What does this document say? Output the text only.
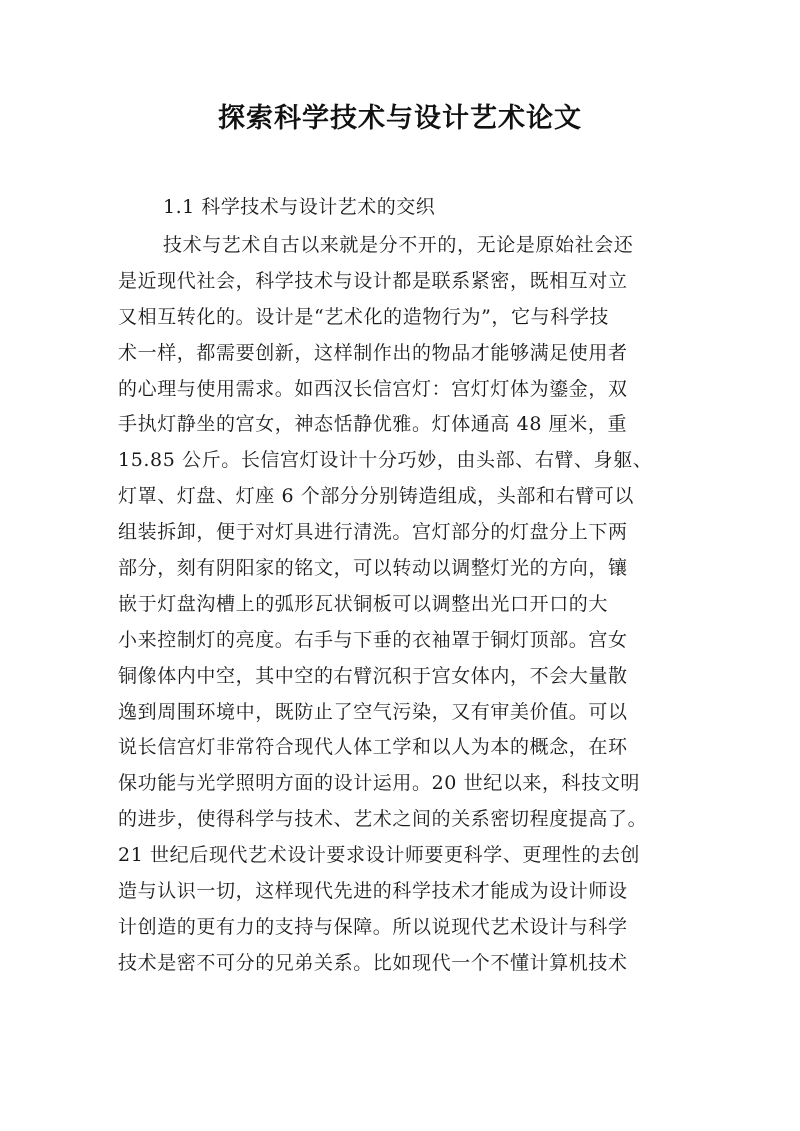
探索科学技术与设计艺术论文
1.1 科学技术与设计艺术的交织
技术与艺术自古以来就是分不开的，无论是原始社会还
是近现代社会，科学技术与设计都是联系紧密，既相互对立
又相互转化的。设计是“艺术化的造物行为”，它与科学技
术一样，都需要创新，这样制作出的物品才能够满足使用者
的心理与使用需求。如西汉长信宫灯：宫灯灯体为鎏金，双
手执灯静坐的宫女，神态恬静优雅。灯体通高 48 厘米，重
15.85 公斤。长信宫灯设计十分巧妙，由头部、右臂、身躯、
灯罩、灯盘、灯座 6 个部分分别铸造组成，头部和右臂可以
组装拆卸，便于对灯具进行清洗。宫灯部分的灯盘分上下两
部分，刻有阴阳家的铭文，可以转动以调整灯光的方向，镶
嵌于灯盘沟槽上的弧形瓦状铜板可以调整出光口开口的大
小来控制灯的亮度。右手与下垂的衣袖罩于铜灯顶部。宫女
铜像体内中空，其中空的右臂沉积于宫女体内，不会大量散
逸到周围环境中，既防止了空气污染，又有审美价值。可以
说长信宫灯非常符合现代人体工学和以人为本的概念，在环
保功能与光学照明方面的设计运用。20 世纪以来，科技文明
的进步，使得科学与技术、艺术之间的关系密切程度提高了。
21 世纪后现代艺术设计要求设计师要更科学、更理性的去创
造与认识一切，这样现代先进的科学技术才能成为设计师设
计创造的更有力的支持与保障。所以说现代艺术设计与科学
技术是密不可分的兄弟关系。比如现代一个不懂计算机技术
